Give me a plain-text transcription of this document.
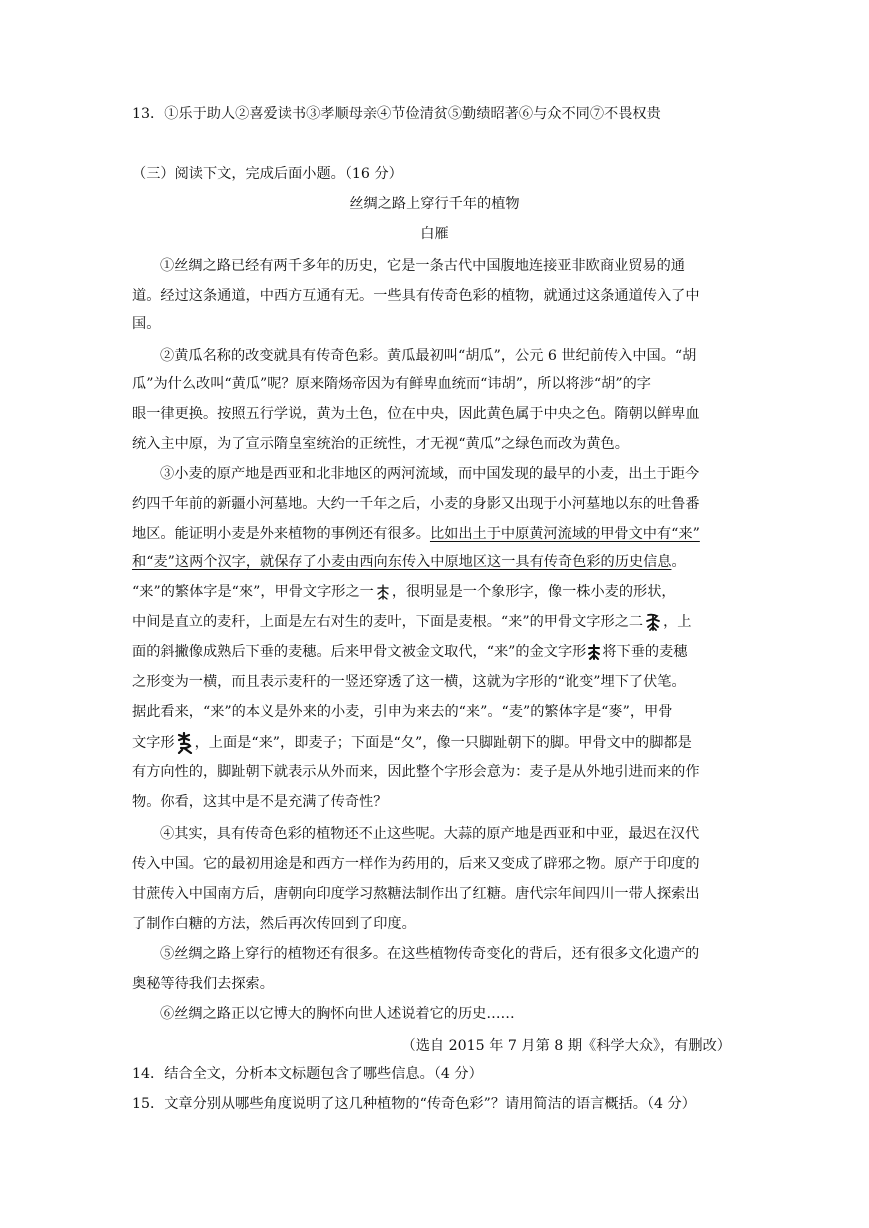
13．①乐于助人②喜爱读书③孝顺母亲④节俭清贫⑤勤绩昭著⑥与众不同⑦不畏权贵
（三）阅读下文，完成后面小题。（16 分）
丝绸之路上穿行千年的植物
白雁
①丝绸之路已经有两千多年的历史，它是一条古代中国腹地连接亚非欧商业贸易的通
道。经过这条通道，中西方互通有无。一些具有传奇色彩的植物，就通过这条通道传入了中
国。
②黄瓜名称的改变就具有传奇色彩。黄瓜最初叫“胡瓜”，公元 6 世纪前传入中国。“胡
瓜”为什么改叫“黄瓜”呢？原来隋炀帝因为有鲜卑血统而“讳胡”，所以将涉“胡”的字
眼一律更换。按照五行学说，黄为土色，位在中央，因此黄色属于中央之色。隋朝以鲜卑血
统入主中原，为了宣示隋皇室统治的正统性，才无视“黄瓜”之绿色而改为黄色。
③小麦的原产地是西亚和北非地区的两河流域，而中国发现的最早的小麦，出土于距今
约四千年前的新疆小河墓地。大约一千年之后，小麦的身影又出现于小河墓地以东的吐鲁番
地区。能证明小麦是外来植物的事例还有很多。比如出土于中原黄河流域的甲骨文中有“来”
和“麦”这两个汉字，就保存了小麦由西向东传入中原地区这一具有传奇色彩的历史信息。
“来”的繁体字是“來”，甲骨文字形之一 ，很明显是一个象形字，像一株小麦的形状，
中间是直立的麦秆，上面是左右对生的麦叶，下面是麦根。“来”的甲骨文字形之二 ，上
面的斜撇像成熟后下垂的麦穗。后来甲骨文被金文取代，“来”的金文字形 将下垂的麦穗
之形变为一横，而且表示麦秆的一竖还穿透了这一横，这就为字形的“讹变”埋下了伏笔。
据此看来，“来”的本义是外来的小麦，引申为来去的“来”。“麦”的繁体字是“麥”，甲骨
文字形 ，上面是“来”，即麦子；下面是“夂”，像一只脚趾朝下的脚。甲骨文中的脚都是
有方向性的，脚趾朝下就表示从外而来，因此整个字形会意为：麦子是从外地引进而来的作
物。你看，这其中是不是充满了传奇性？
④其实，具有传奇色彩的植物还不止这些呢。大蒜的原产地是西亚和中亚，最迟在汉代
传入中国。它的最初用途是和西方一样作为药用的，后来又变成了辟邪之物。原产于印度的
甘蔗传入中国南方后，唐朝向印度学习熬糖法制作出了红糖。唐代宗年间四川一带人探索出
了制作白糖的方法，然后再次传回到了印度。
⑤丝绸之路上穿行的植物还有很多。在这些植物传奇变化的背后，还有很多文化遗产的
奥秘等待我们去探索。
⑥丝绸之路正以它博大的胸怀向世人述说着它的历史……
（选自 2015 年 7 月第 8 期《科学大众》，有删改）
14．结合全文，分析本文标题包含了哪些信息。（4 分）
15．文章分别从哪些角度说明了这几种植物的“传奇色彩”？请用简洁的语言概括。（4 分）
